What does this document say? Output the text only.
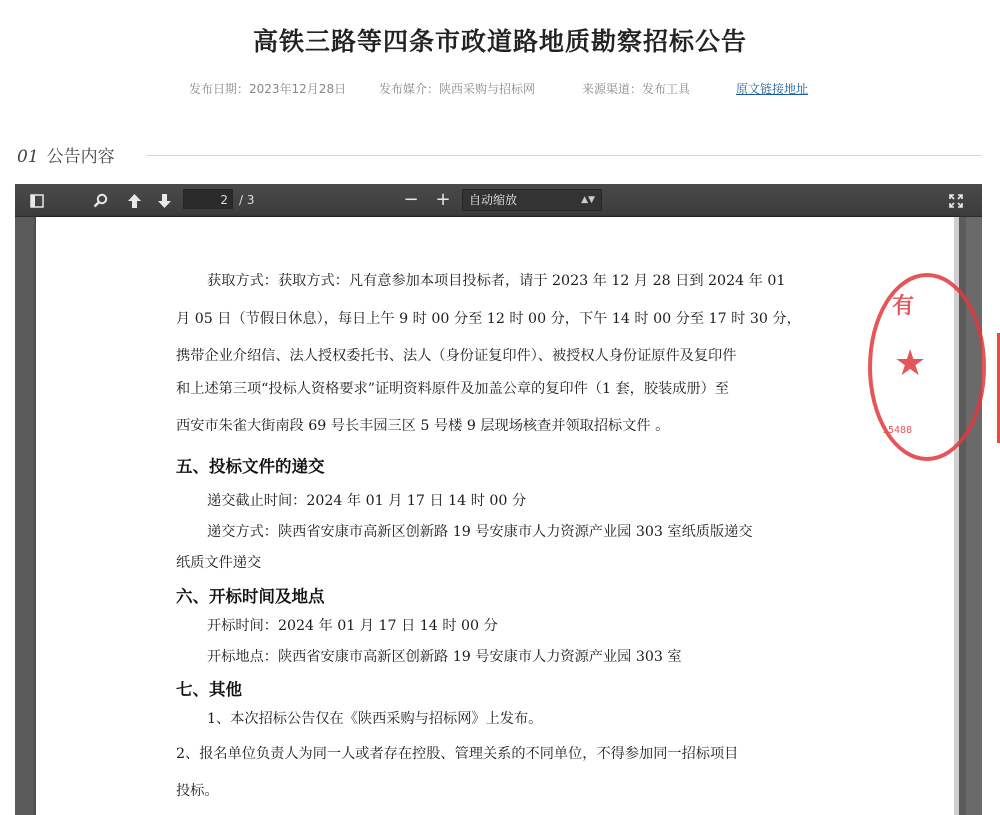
高铁三路等四条市政道路地质勘察招标公告
发布日期：2023年12月28日	发布媒介：陕西采购与招标网	来源渠道：发布工具	原文链接地址
01 公告内容
2 / 3	− +	自动缩放	▲▼
获取方式：获取方式：凡有意参加本项目投标者，请于 2023 年 12 月 28 日到 2024 年 01
月 05 日（节假日休息），每日上午 9 时 00 分至 12 时 00 分，下午 14 时 00 分至 17 时 30 分，
携带企业介绍信、法人授权委托书、法人（身份证复印件）、被授权人身份证原件及复印件
和上述第三项“投标人资格要求”证明资料原件及加盖公章的复印件（1 套，胶装成册）至
西安市朱雀大街南段 69 号长丰园三区 5 号楼 9 层现场核查并领取招标文件 。
五、投标文件的递交
递交截止时间：2024 年 01 月 17 日 14 时 00 分
递交方式：陕西省安康市高新区创新路 19 号安康市人力资源产业园 303 室纸质版递交
纸质文件递交
六、开标时间及地点
开标时间：2024 年 01 月 17 日 14 时 00 分
开标地点：陕西省安康市高新区创新路 19 号安康市人力资源产业园 303 室
七、其他
1、本次招标公告仅在《陕西采购与招标网》上发布。
2、报名单位负责人为同一人或者存在控股、管理关系的不同单位，不得参加同一招标项目
投标。
有
★
15488
